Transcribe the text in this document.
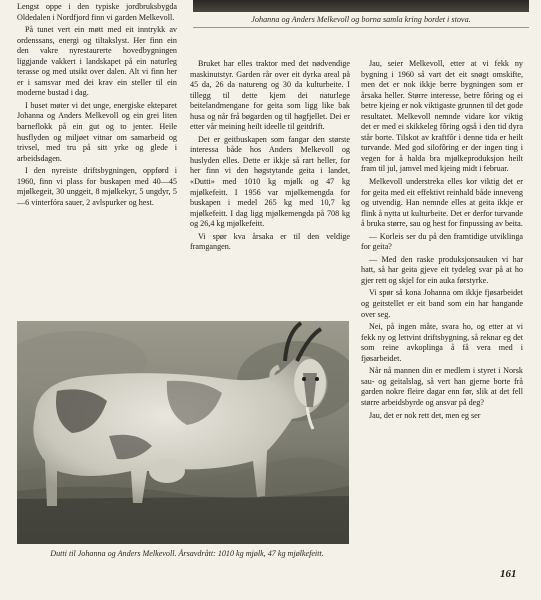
Johanna og Anders Melkevoll og borna samla kring bordet i stova.

Lengst oppe i den typiske jordbruksbygda Oldedalen i Nordfjord finn vi garden Melkevoll.

På tunet vert ein møtt med eit inntrykk av ordenssans, energi og tiltakslyst. Her finn ein den vakre nyrestaurerte hovedbygningen liggjande vakkert i landskapet på ein naturleg terasse og med utsikt over dalen. Alt vi finn her er i samsvar med dei krav ein steller til ein moderne bustad i dag.

I buset møter vi det unge, energiske ekteparet Johanna og Anders Melkevoll og ein grei liten barneflokk på ein gut og to jenter. Heile husflyden og miljøet vitnar om samarbeid og trivsel, med tru på sitt yrke og glede i arbeidsdagen.

I den nyreiste driftsbygningen, oppførd i 1960, finn vi plass for buskapen med 40—45 mjølkegeit, 30 unggeit, 8 mjølkekyr, 5 ungdyr, 5—6 vinterfóra sauer, 2 avlspurker og hest.

Bruket har elles traktor med det nødvendige maskinutstyr. Garden rår over eit dyrka areal på 45 da, 26 da natureng og 30 da kulturbeite. I tillegg til dette kjem dei naturlege beitelandmengane for geita som ligg like bak husa og når frå bøgarden og til høgfjellet. Dei er etter vår meining heilt ideelle til geitdrift.

Det er geitbuskapen som fangar den største interessa både hos Anders Melkevoll og huslyden elles. Dette er ikkje så rart heller, for her finn vi den høgstytande geita i landet, «Dutti» med 1010 kg mjølk og 47 kg mjølkefeitt. I 1956 var mjølkemengda for buskapen i medel 265 kg med 10,7 kg mjølkefeitt. I dag ligg mjølkemengda på 708 kg og 26,4 kg mjølkefeitt.

Vi spør kva årsaka er til den veldige framgangen.

Jau, seier Melkevoll, etter at vi fekk ny bygning i 1960 så vart det eit snøgt omskifte, men det er nok ikkje berre bygningen som er årsaka heller. Større interesse, betre fôring og ei betre kjeing er nok viktigaste grunnen til det gode resultatet. Melkevoll nemnde vidare kor viktig det er med ei skikkeleg fôring også i den tid dyra står borte. Tilskot av kraftfôr i denne tida er heilt turvande. Med god silofôring er der ingen ting i vegen for å halda bra mjølkeproduksjon heilt fram til jul, jamvel med kjeing midt i februar.

Melkevoll understreka elles kor viktig det er for geita med eit effektivt reinhald både inneveng og utvendig. Han nemnde elles at geita ikkje er flink å nytta ut kulturbeite. Det er derfor turvande å bruka større, sau og hest for finpussing av beita.

— Korleis ser du på den framtidige utviklinga for geita?

— Med den raske produksjonsauken vi har hatt, så har geita gjeve eit tydeleg svar på at ho gjer rett og skjel for ein auka førstyrke.

Vi spør så kona Johanna om ikkje fjøsarbeidet og geitstellet er eit band som ein har hangande over seg.

Nei, på ingen måte, svara ho, og etter at vi fekk ny og lettvint driftsbygning, så reknar eg det som reine avkoplinga å få vera med i fjøsarbeidet.

Når nå mannen din er medlem i styret i Norsk sau- og geitalslag, så vert han gjerne borte frå garden nokre fleire dagar enn før, slik at det fell større arbeidsbyrde og ansvar på deg?

Jau, det er nok rett det, men eg ser

Dutti til Johanna og Anders Melkevoll. Årsavdrått: 1010 kg mjølk, 47 kg mjølkefeitt.
161
